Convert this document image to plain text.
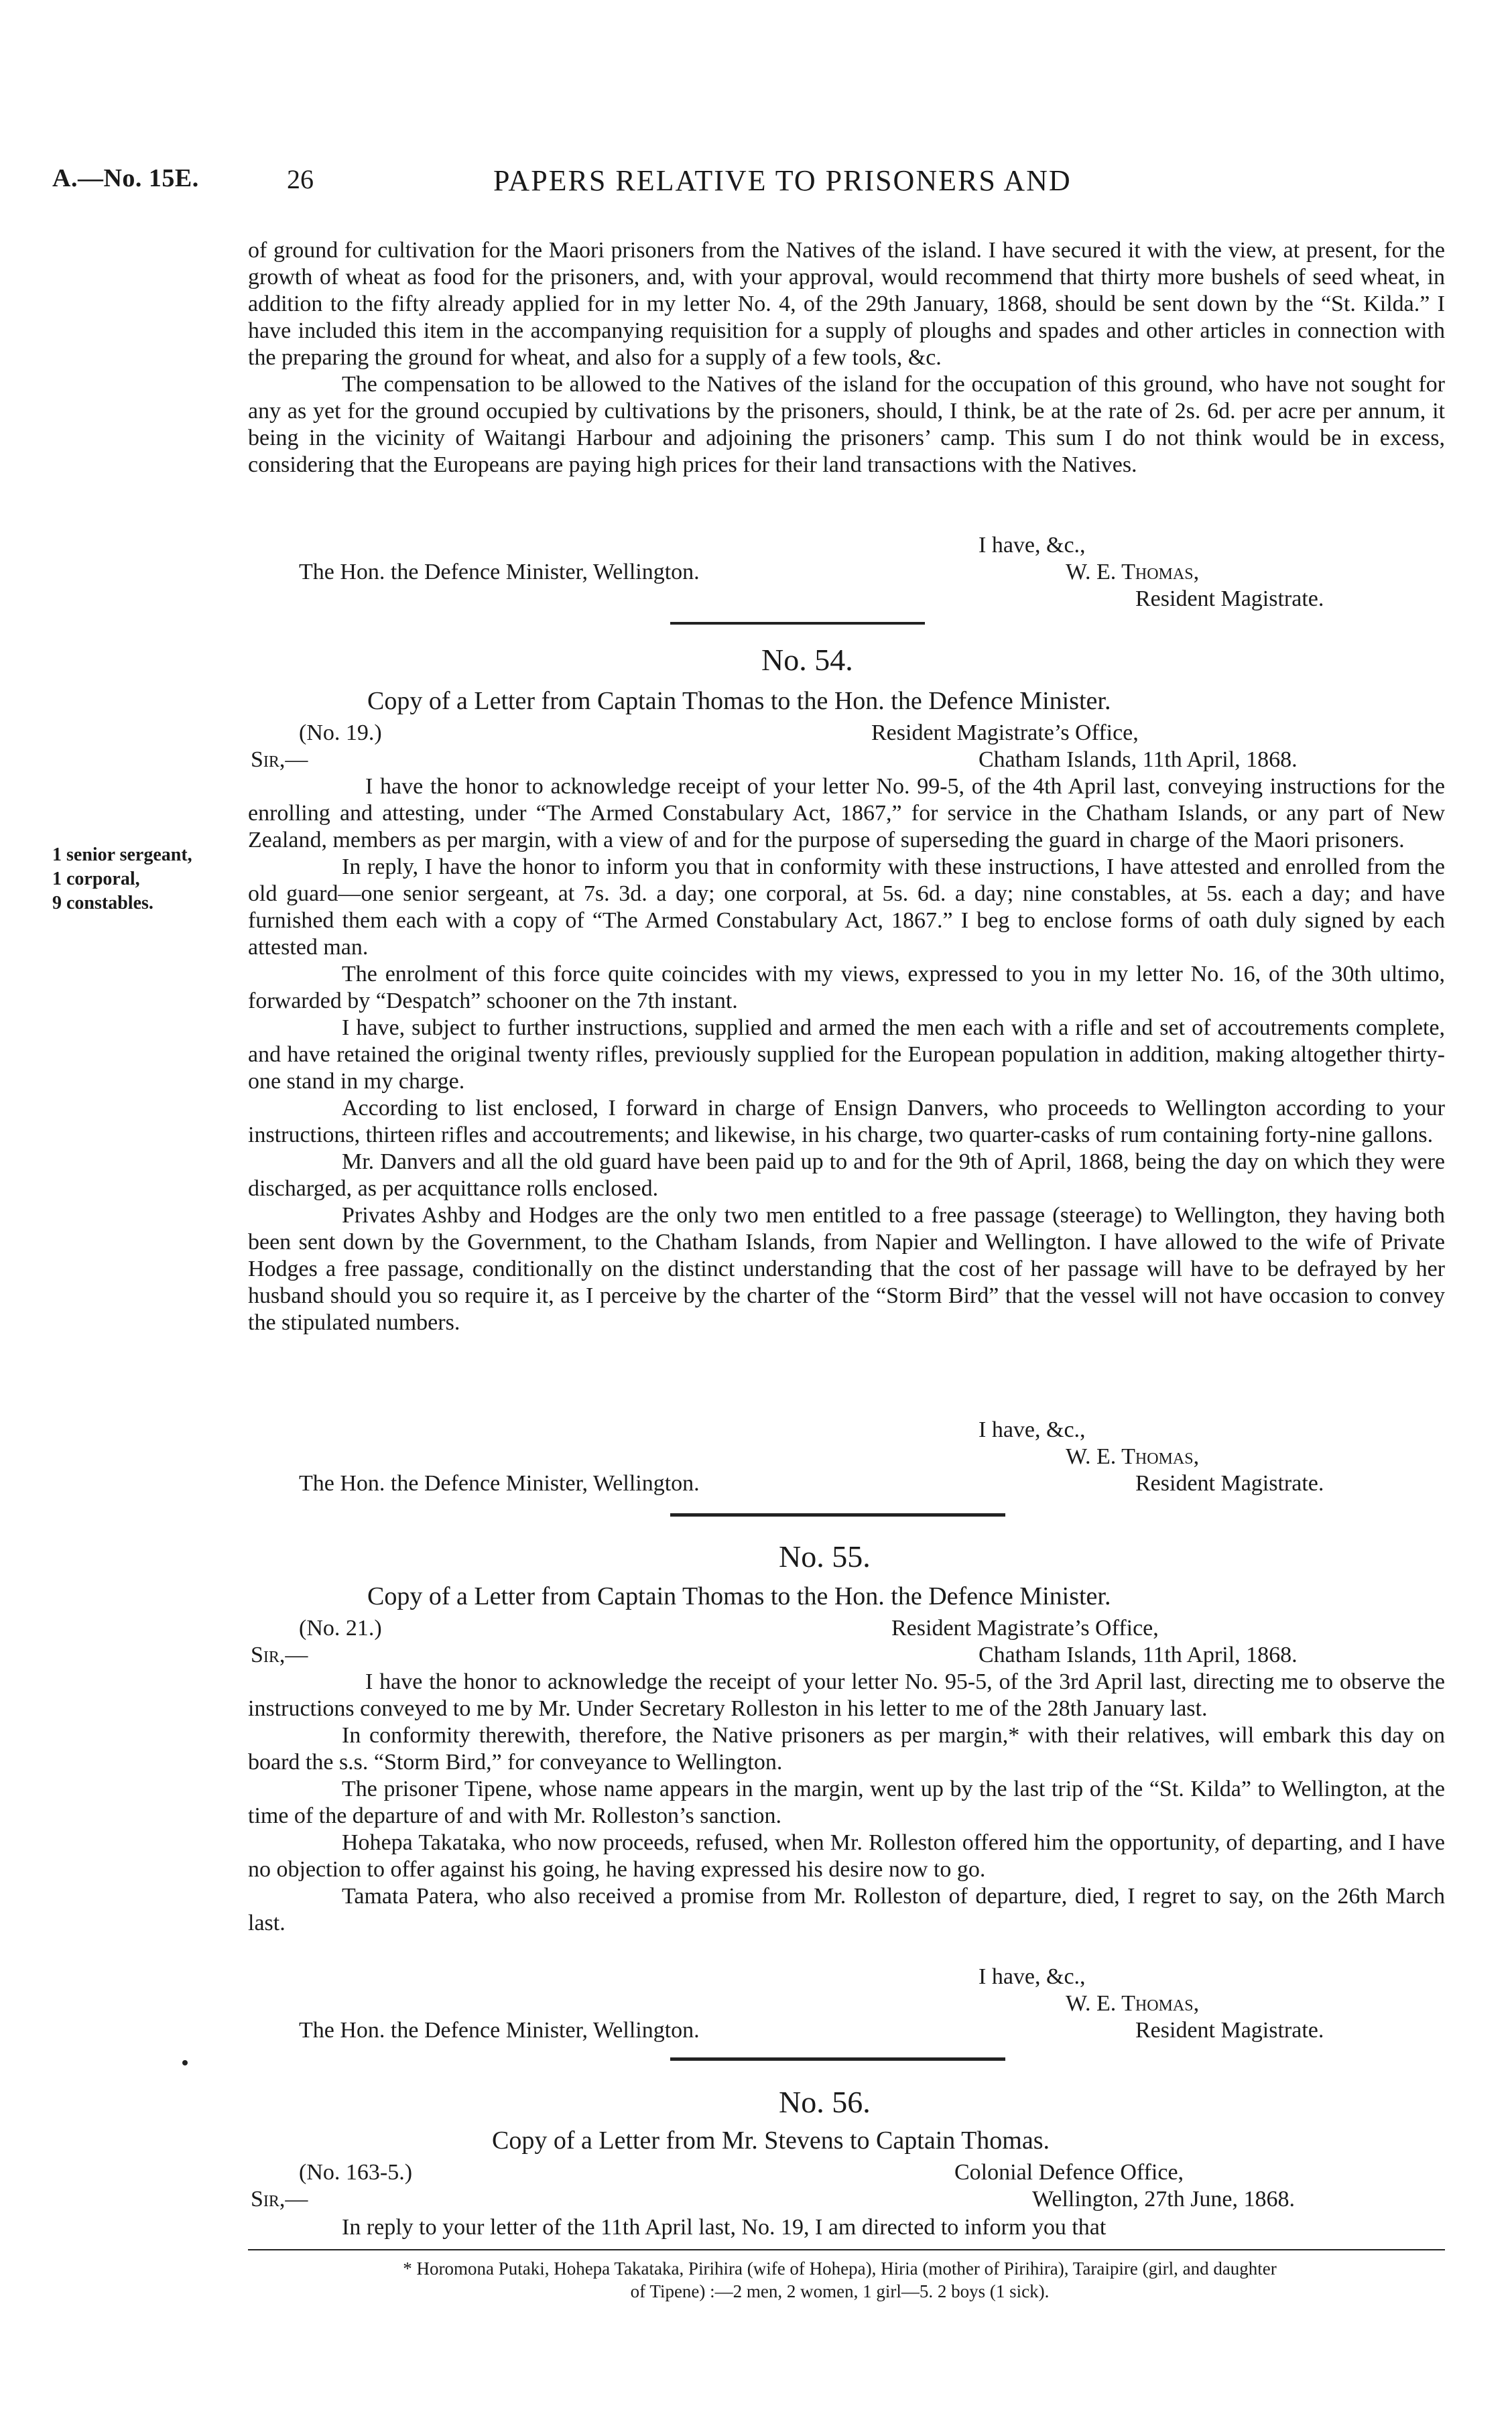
A.—No. 15E.	26	PAPERS RELATIVE TO PRISONERS AND

of ground for cultivation for the Maori prisoners from the Natives of the island. I have secured it with the view, at present, for the growth of wheat as food for the prisoners, and, with your approval, would recommend that thirty more bushels of seed wheat, in addition to the fifty already applied for in my letter No. 4, of the 29th January, 1868, should be sent down by the “St. Kilda.” I have included this item in the accompanying requisition for a supply of ploughs and spades and other articles in connection with the preparing the ground for wheat, and also for a supply of a few tools, &c.

The compensation to be allowed to the Natives of the island for the occupation of this ground, who have not sought for any as yet for the ground occupied by cultivations by the prisoners, should, I think, be at the rate of 2s. 6d. per acre per annum, it being in the vicinity of Waitangi Harbour and adjoining the prisoners’ camp. This sum I do not think would be in excess, considering that the Europeans are paying high prices for their land transactions with the Natives.

I have, &c.,
The Hon. the Defence Minister, Wellington.	W. E. Thomas,
Resident Magistrate.
No. 54.
Copy of a Letter from Captain Thomas to the Hon. the Defence Minister.
(No. 19.)	Resident Magistrate’s Office,
Sir,—	Chatham Islands, 11th April, 1868.
1 senior sergeant,
1 corporal,
9 constables.

I have the honor to acknowledge receipt of your letter No. 99-5, of the 4th April last, conveying instructions for the enrolling and attesting, under “The Armed Constabulary Act, 1867,” for service in the Chatham Islands, or any part of New Zealand, members as per margin, with a view of and for the purpose of superseding the guard in charge of the Maori prisoners.

In reply, I have the honor to inform you that in conformity with these instructions, I have attested and enrolled from the old guard—one senior sergeant, at 7s. 3d. a day; one corporal, at 5s. 6d. a day; nine constables, at 5s. each a day; and have furnished them each with a copy of “The Armed Constabulary Act, 1867.” I beg to enclose forms of oath duly signed by each attested man.

The enrolment of this force quite coincides with my views, expressed to you in my letter No. 16, of the 30th ultimo, forwarded by “Despatch” schooner on the 7th instant.

I have, subject to further instructions, supplied and armed the men each with a rifle and set of accoutrements complete, and have retained the original twenty rifles, previously supplied for the European population in addition, making altogether thirty-one stand in my charge.

According to list enclosed, I forward in charge of Ensign Danvers, who proceeds to Wellington according to your instructions, thirteen rifles and accoutrements; and likewise, in his charge, two quarter-casks of rum containing forty-nine gallons.

Mr. Danvers and all the old guard have been paid up to and for the 9th of April, 1868, being the day on which they were discharged, as per acquittance rolls enclosed.

Privates Ashby and Hodges are the only two men entitled to a free passage (steerage) to Wellington, they having both been sent down by the Government, to the Chatham Islands, from Napier and Wellington. I have allowed to the wife of Private Hodges a free passage, conditionally on the distinct understanding that the cost of her passage will have to be defrayed by her husband should you so require it, as I perceive by the charter of the “Storm Bird” that the vessel will not have occasion to convey the stipulated numbers.

I have, &c.,
W. E. Thomas,
The Hon. the Defence Minister, Wellington.	Resident Magistrate.
No. 55.
Copy of a Letter from Captain Thomas to the Hon. the Defence Minister.
(No. 21.)	Resident Magistrate’s Office,
Sir,—	Chatham Islands, 11th April, 1868.

I have the honor to acknowledge the receipt of your letter No. 95-5, of the 3rd April last, directing me to observe the instructions conveyed to me by Mr. Under Secretary Rolleston in his letter to me of the 28th January last.

In conformity therewith, therefore, the Native prisoners as per margin,* with their relatives, will embark this day on board the s.s. “Storm Bird,” for conveyance to Wellington.

The prisoner Tipene, whose name appears in the margin, went up by the last trip of the “St. Kilda” to Wellington, at the time of the departure of and with Mr. Rolleston’s sanction.

Hohepa Takataka, who now proceeds, refused, when Mr. Rolleston offered him the opportunity, of departing, and I have no objection to offer against his going, he having expressed his desire now to go.

Tamata Patera, who also received a promise from Mr. Rolleston of departure, died, I regret to say, on the 26th March last.

I have, &c.,
W. E. Thomas,
The Hon. the Defence Minister, Wellington.	Resident Magistrate.
No. 56.
Copy of a Letter from Mr. Stevens to Captain Thomas.
(No. 163-5.)	Colonial Defence Office,
Sir,—	Wellington, 27th June, 1868.
In reply to your letter of the 11th April last, No. 19, I am directed to inform you that
* Horomona Putaki, Hohepa Takataka, Pirihira (wife of Hohepa), Hiria (mother of Pirihira), Taraipire (girl, and daughter
of Tipene) :—2 men, 2 women, 1 girl—5. 2 boys (1 sick).
